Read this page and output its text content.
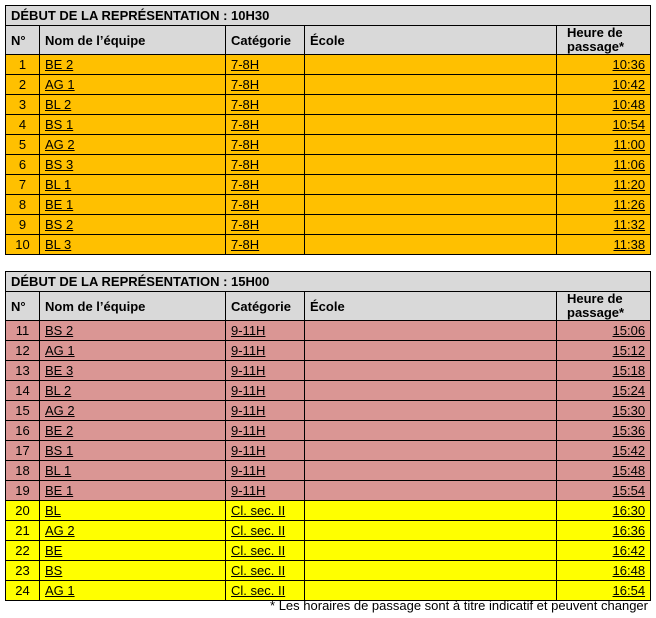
DÉBUT DE LA REPRÉSENTATION : 10H30				
N°	Nom de l’équipe	Catégorie	École	Heure de passage*
1	BE 2	7-8H		10:36
2	AG 1	7-8H		10:42
3	BL 2	7-8H		10:48
4	BS 1	7-8H		10:54
5	AG 2	7-8H		11:00
6	BS 3	7-8H		11:06
7	BL 1	7-8H		11:20
8	BE 1	7-8H		11:26
9	BS 2	7-8H		11:32
10	BL 3	7-8H		11:38
DÉBUT DE LA REPRÉSENTATION : 15H00				
N°	Nom de l’équipe	Catégorie	École	Heure de passage*
11	BS 2	9-11H		15:06
12	AG 1	9-11H		15:12
13	BE 3	9-11H		15:18
14	BL 2	9-11H		15:24
15	AG 2	9-11H		15:30
16	BE 2	9-11H		15:36
17	BS 1	9-11H		15:42
18	BL 1	9-11H		15:48
19	BE 1	9-11H		15:54
20	BL	Cl. sec. II		16:30
21	AG 2	Cl. sec. II		16:36
22	BE	Cl. sec. II		16:42
23	BS	Cl. sec. II		16:48
24	AG 1	Cl. sec. II		16:54
* Les horaires de passage sont à titre indicatif et peuvent changer
